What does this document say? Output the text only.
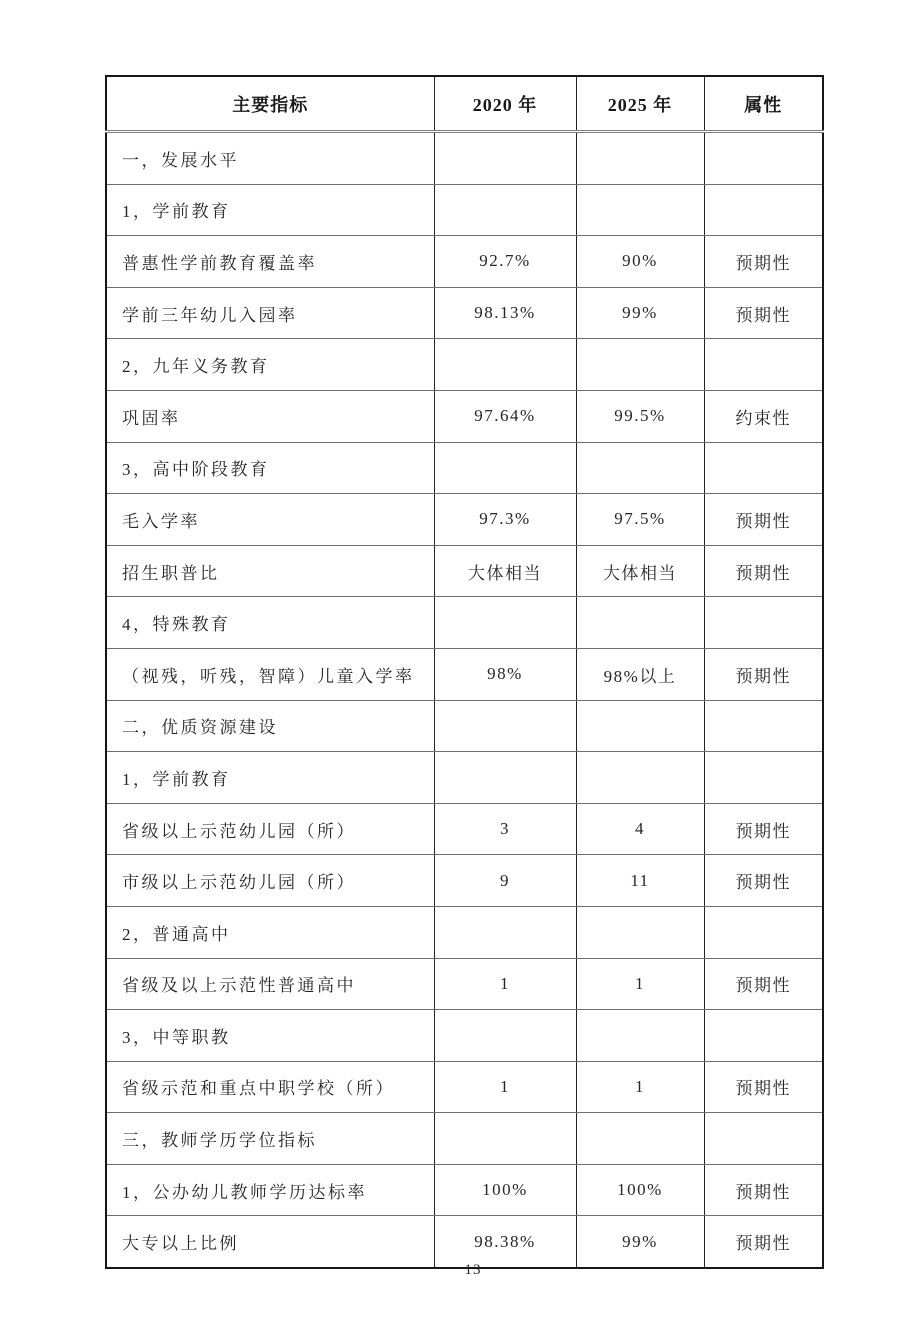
主要指标	2020 年	2025 年	属性
一，发展水平			
1，学前教育			
普惠性学前教育覆盖率	92.7%	90%	预期性
学前三年幼儿入园率	98.13%	99%	预期性
2，九年义务教育			
巩固率	97.64%	99.5%	约束性
3，高中阶段教育			
毛入学率	97.3%	97.5%	预期性
招生职普比	大体相当	大体相当	预期性
4，特殊教育			
（视残，听残，智障）儿童入学率	98%	98%以上	预期性
二，优质资源建设			
1，学前教育			
省级以上示范幼儿园（所）	3	4	预期性
市级以上示范幼儿园（所）	9	11	预期性
2，普通高中			
省级及以上示范性普通高中	1	1	预期性
3，中等职教			
省级示范和重点中职学校（所）	1	1	预期性
三，教师学历学位指标			
1，公办幼儿教师学历达标率	100%	100%	预期性
大专以上比例	98.38%	99%	预期性
13
